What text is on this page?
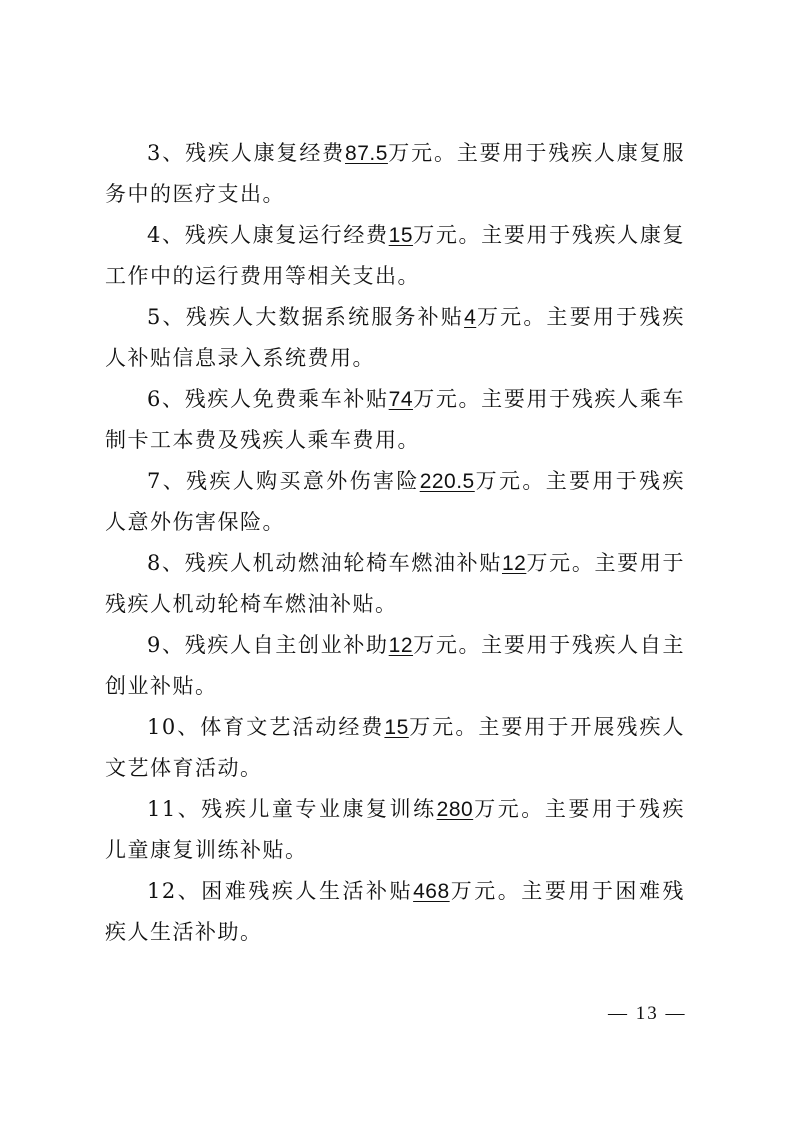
3、残疾人康复经费87.5万元。主要用于残疾人康复服务中的医疗支出。

4、残疾人康复运行经费15万元。主要用于残疾人康复工作中的运行费用等相关支出。

5、残疾人大数据系统服务补贴4万元。主要用于残疾人补贴信息录入系统费用。

6、残疾人免费乘车补贴74万元。主要用于残疾人乘车制卡工本费及残疾人乘车费用。

7、残疾人购买意外伤害险220.5万元。主要用于残疾人意外伤害保险。

8、残疾人机动燃油轮椅车燃油补贴12万元。主要用于残疾人机动轮椅车燃油补贴。

9、残疾人自主创业补助12万元。主要用于残疾人自主创业补贴。

10、体育文艺活动经费15万元。主要用于开展残疾人文艺体育活动。

11、残疾儿童专业康复训练280万元。主要用于残疾儿童康复训练补贴。

12、困难残疾人生活补贴468万元。主要用于困难残疾人生活补助。

— 13 —
